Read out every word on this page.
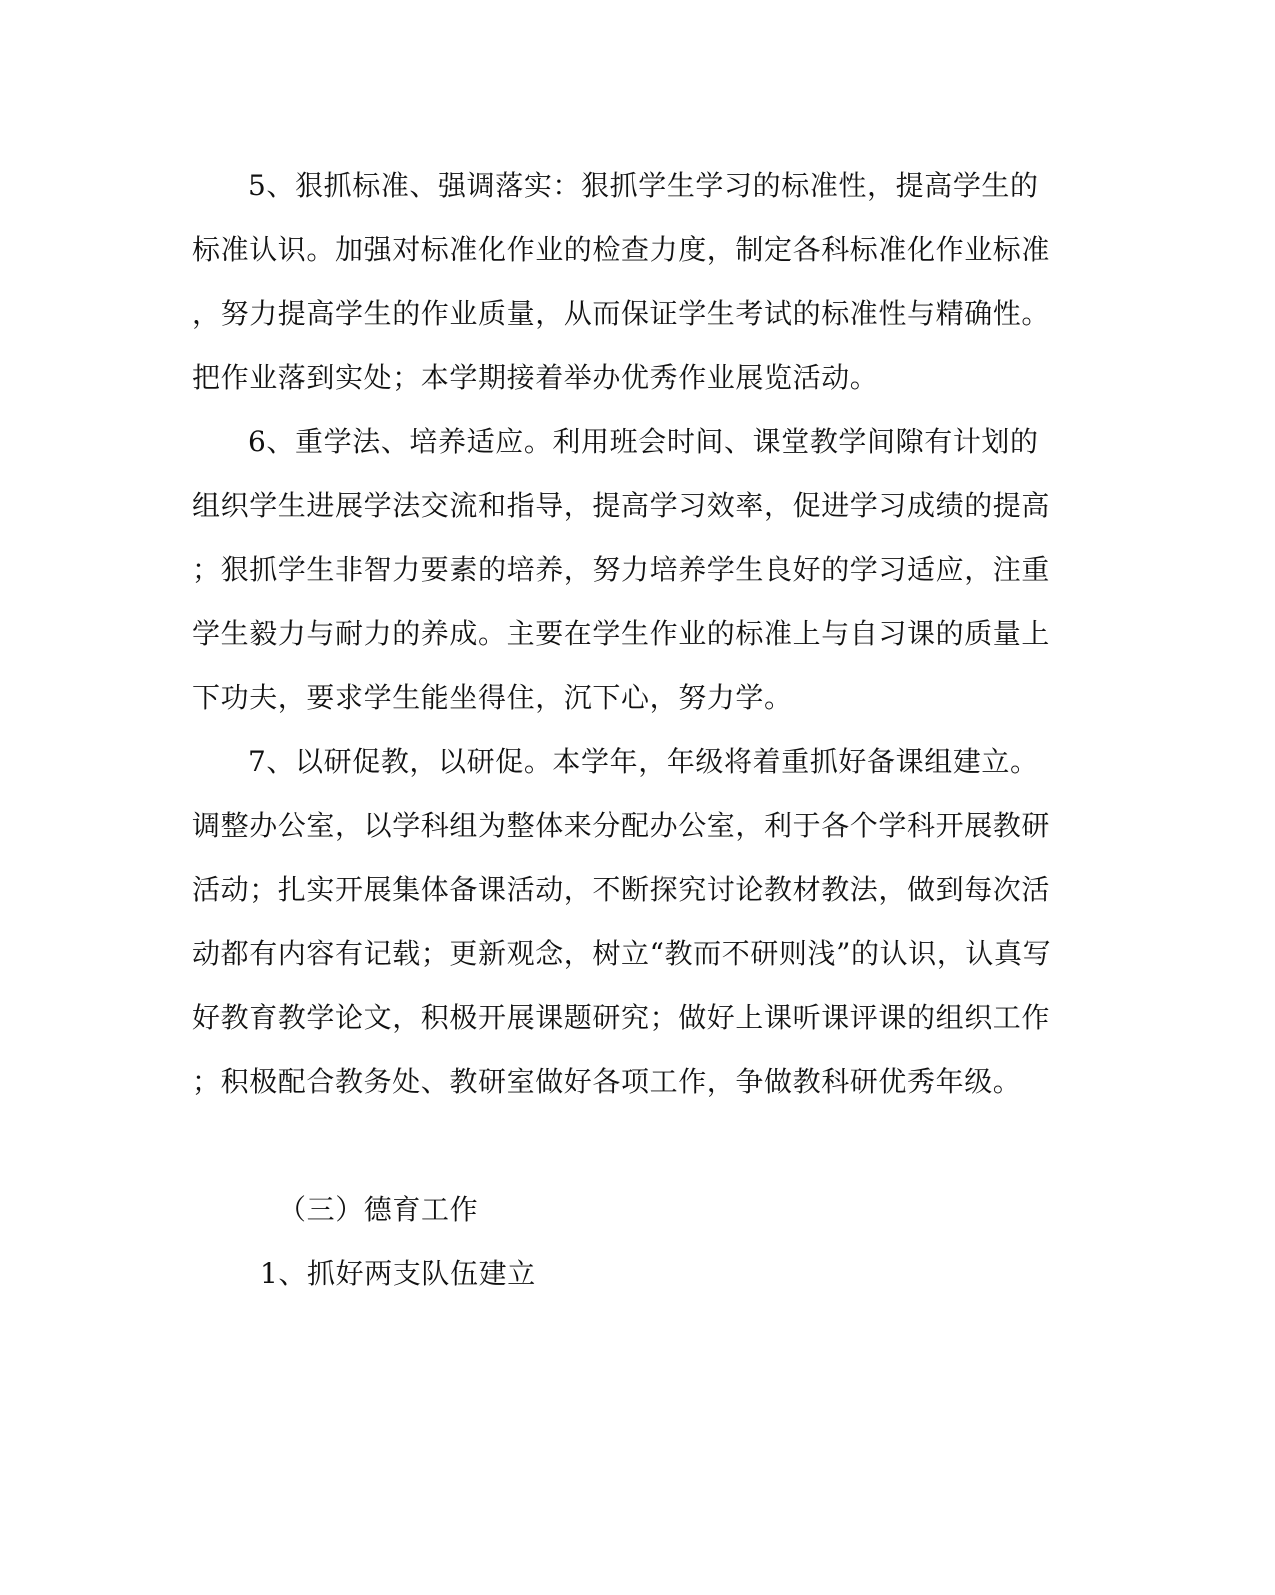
5、狠抓标准、强调落实：狠抓学生学习的标准性，提高学生的
标准认识。加强对标准化作业的检查力度，制定各科标准化作业标准
，努力提高学生的作业质量，从而保证学生考试的标准性与精确性。
把作业落到实处；本学期接着举办优秀作业展览活动。
6、重学法、培养适应。利用班会时间、课堂教学间隙有计划的
组织学生进展学法交流和指导，提高学习效率，促进学习成绩的提高
；狠抓学生非智力要素的培养，努力培养学生良好的学习适应，注重
学生毅力与耐力的养成。主要在学生作业的标准上与自习课的质量上
下功夫，要求学生能坐得住，沉下心，努力学。
7、以研促教，以研促。本学年，年级将着重抓好备课组建立。
调整办公室，以学科组为整体来分配办公室，利于各个学科开展教研
活动；扎实开展集体备课活动，不断探究讨论教材教法，做到每次活
动都有内容有记载；更新观念，树立“教而不研则浅”的认识，认真写
好教育教学论文，积极开展课题研究；做好上课听课评课的组织工作
；积极配合教务处、教研室做好各项工作，争做教科研优秀年级。
（三）德育工作
1、抓好两支队伍建立
